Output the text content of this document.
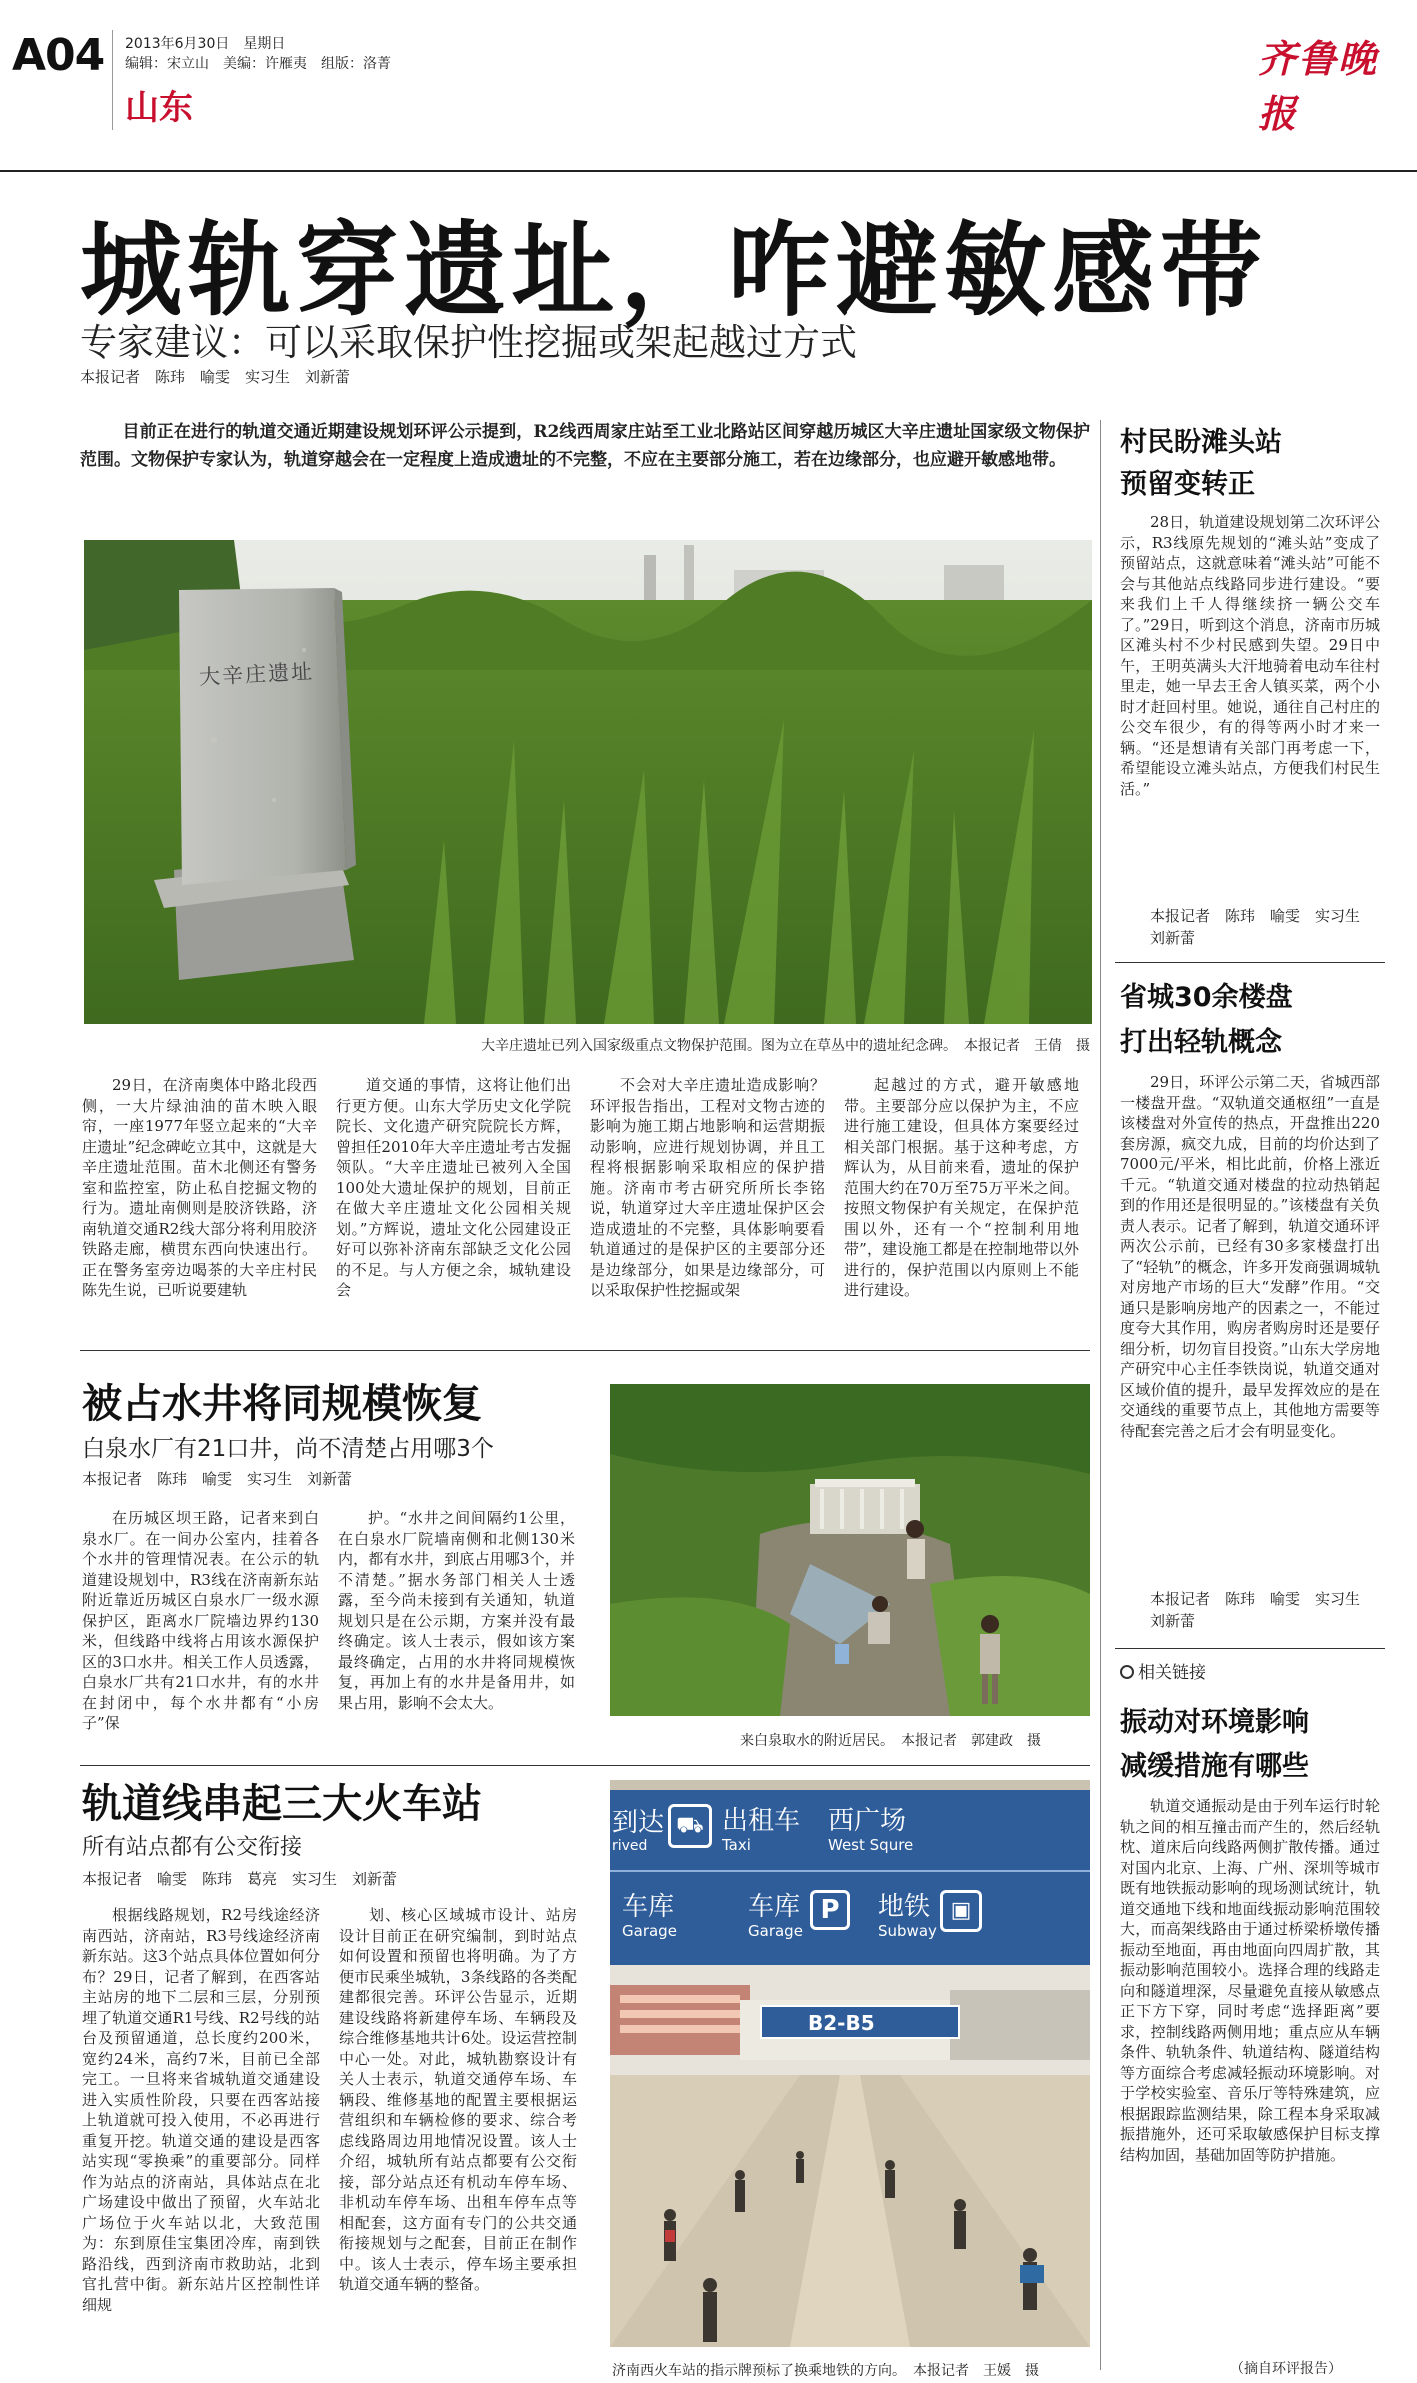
A04 2013年6月30日　星期日
编辑：宋立山　美编：许雁夷　组版：洛菁
山东
齐鲁晚报
城轨穿遗址，咋避敏感带
专家建议：可以采取保护性挖掘或架起越过方式
本报记者　陈玮　喻雯　实习生　刘新蕾
目前正在进行的轨道交通近期建设规划环评公示提到，R2线西周家庄站至工业北路站区间穿越历城区大辛庄遗址国家级文物保护范围。文物保护专家认为，轨道穿越会在一定程度上造成遗址的不完整，不应在主要部分施工，若在边缘部分，也应避开敏感地带。
大辛庄遗址
大辛庄遗址已列入国家级重点文物保护范围。图为立在草丛中的遗址纪念碑。　本报记者　王倩　摄
29日，在济南奥体中路北段西侧，一大片绿油油的苗木映入眼帘，一座1977年竖立起来的“大辛庄遗址”纪念碑屹立其中，这就是大辛庄遗址范围。苗木北侧还有警务室和监控室，防止私自挖掘文物的行为。遗址南侧则是胶济铁路，济南轨道交通R2线大部分将利用胶济铁路走廊，横贯东西向快速出行。正在警务室旁边喝茶的大辛庄村民陈先生说，已听说要建轨
道交通的事情，这将让他们出行更方便。山东大学历史文化学院院长、文化遗产研究院院长方辉，曾担任2010年大辛庄遗址考古发掘领队。“大辛庄遗址已被列入全国100处大遗址保护的规划，目前正在做大辛庄遗址文化公园相关规划。”方辉说，遗址文化公园建设正好可以弥补济南东部缺乏文化公园的不足。与人方便之余，城轨建设会
不会对大辛庄遗址造成影响？环评报告指出，工程对文物古迹的影响为施工期占地影响和运营期振动影响，应进行规划协调，并且工程将根据影响采取相应的保护措施。济南市考古研究所所长李铭说，轨道穿过大辛庄遗址保护区会造成遗址的不完整，具体影响要看轨道通过的是保护区的主要部分还是边缘部分，如果是边缘部分，可以采取保护性挖掘或架
起越过的方式，避开敏感地带。主要部分应以保护为主，不应进行施工建设，但具体方案要经过相关部门根据。基于这种考虑，方辉认为，从目前来看，遗址的保护范围大约在70万至75万平米之间。按照文物保护有关规定，在保护范围以外，还有一个“控制利用地带”，建设施工都是在控制地带以外进行的，保护范围以内原则上不能进行建设。
被占水井将同规模恢复
白泉水厂有21口井，尚不清楚占用哪3个
本报记者　陈玮　喻雯　实习生　刘新蕾
在历城区坝王路，记者来到白泉水厂。在一间办公室内，挂着各个水井的管理情况表。在公示的轨道建设规划中，R3线在济南新东站附近靠近历城区白泉水厂一级水源保护区，距离水厂院墙边界约130米，但线路中线将占用该水源保护区的3口水井。相关工作人员透露，白泉水厂共有21口水井，有的水井在封闭中，每个水井都有“小房子”保
护。“水井之间间隔约1公里，在白泉水厂院墙南侧和北侧130米内，都有水井，到底占用哪3个，并不清楚。”据水务部门相关人士透露，至今尚未接到有关通知，轨道规划只是在公示期，方案并没有最终确定。该人士表示，假如该方案最终确定，占用的水井将同规模恢复，再加上有的水井是备用井，如果占用，影响不会太大。
来白泉取水的附近居民。　本报记者　郭建政　摄
轨道线串起三大火车站
所有站点都有公交衔接
本报记者　喻雯　陈玮　葛亮　实习生　刘新蕾
根据线路规划，R2号线途经济南西站，济南站，R3号线途经济南新东站。这3个站点具体位置如何分布？29日，记者了解到，在西客站主站房的地下二层和三层，分别预埋了轨道交通R1号线、R2号线的站台及预留通道，总长度约200米，宽约24米，高约7米，目前已全部完工。一旦将来省城轨道交通建设进入实质性阶段，只要在西客站接上轨道就可投入使用，不必再进行重复开挖。轨道交通的建设是西客站实现“零换乘”的重要部分。同样作为站点的济南站，具体站点在北广场建设中做出了预留，火车站北广场位于火车站以北，大致范围为：东到原佳宝集团冷库，南到铁路沿线，西到济南市救助站，北到官扎营中街。新东站片区控制性详细规
划、核心区域城市设计、站房设计目前正在研究编制，到时站点如何设置和预留也将明确。为了方便市民乘坐城轨，3条线路的各类配建都很完善。环评公告显示，近期建设线路将新建停车场、车辆段及综合维修基地共计6处。设运营控制中心一处。对此，城轨勘察设计有关人士表示，轨道交通停车场、车辆段、维修基地的配置主要根据运营组织和车辆检修的要求、综合考虑线路周边用地情况设置。该人士介绍，城轨所有站点都要有公交衔接，部分站点还有机动车停车场、非机动车停车场、出租车停车点等相配套，这方面有专门的公共交通衔接规划与之配套，目前正在制作中。该人士表示，停车场主要承担轨道交通车辆的整备。
到达
rived
⛟ 出租车
Taxi
西广场
West Squre
车库
Garage
车库
Garage
P	地铁
Subway
▣
B2-B5
济南西火车站的指示牌预标了换乘地铁的方向。　本报记者　王媛　摄
村民盼滩头站
预留变转正
28日，轨道建设规划第二次环评公示，R3线原先规划的“滩头站”变成了预留站点，这就意味着“滩头站”可能不会与其他站点线路同步进行建设。“要来我们上千人得继续挤一辆公交车了。”29日，听到这个消息，济南市历城区滩头村不少村民感到失望。29日中午，王明英满头大汗地骑着电动车往村里走，她一早去王舍人镇买菜，两个小时才赶回村里。她说，通往自己村庄的公交车很少，有的得等两小时才来一辆。“还是想请有关部门再考虑一下，希望能设立滩头站点，方便我们村民生活。”
本报记者　陈玮　喻雯　实习生　刘新蕾
省城30余楼盘
打出轻轨概念
29日，环评公示第二天，省城西部一楼盘开盘。“双轨道交通枢纽”一直是该楼盘对外宣传的热点，开盘推出220套房源，疯交九成，目前的均价达到了7000元/平米，相比此前，价格上涨近千元。“轨道交通对楼盘的拉动热销起到的作用还是很明显的。”该楼盘有关负责人表示。记者了解到，轨道交通环评两次公示前，已经有30多家楼盘打出了“轻轨”的概念，许多开发商强调城轨对房地产市场的巨大“发酵”作用。“交通只是影响房地产的因素之一，不能过度夸大其作用，购房者购房时还是要仔细分析，切勿盲目投资。”山东大学房地产研究中心主任李铁岗说，轨道交通对区域价值的提升，最早发挥效应的是在交通线的重要节点上，其他地方需要等待配套完善之后才会有明显变化。
本报记者　陈玮　喻雯　实习生　刘新蕾
相关链接
振动对环境影响
减缓措施有哪些
轨道交通振动是由于列车运行时轮轨之间的相互撞击而产生的，然后经轨枕、道床后向线路两侧扩散传播。通过对国内北京、上海、广州、深圳等城市既有地铁振动影响的现场测试统计，轨道交通地下线和地面线振动影响范围较大，而高架线路由于通过桥梁桥墩传播振动至地面，再由地面向四周扩散，其振动影响范围较小。选择合理的线路走向和隧道埋深，尽量避免直接从敏感点正下方下穿，同时考虑“选择距离”要求，控制线路两侧用地；重点应从车辆条件、轨轨条件、轨道结构、隧道结构等方面综合考虑减轻振动环境影响。对于学校实验室、音乐厅等特殊建筑，应根据跟踪监测结果，除工程本身采取减振措施外，还可采取敏感保护目标支撑结构加固，基础加固等防护措施。
（摘自环评报告）
